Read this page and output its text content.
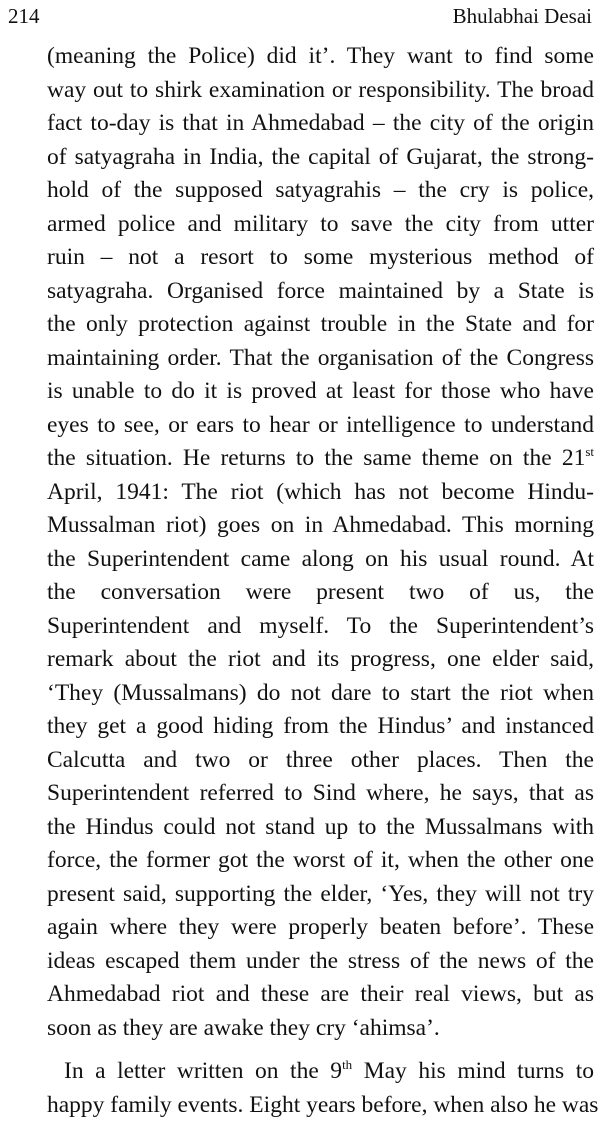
214	Bhulabhai Desai
(meaning the Police) did it’. They want to find some
way out to shirk examination or responsibility. The broad
fact to-day is that in Ahmedabad – the city of the origin
of satyagraha in India, the capital of Gujarat, the strong-
hold of the supposed satyagrahis – the cry is police,
armed police and military to save the city from utter
ruin – not a resort to some mysterious method of
satyagraha. Organised force maintained by a State is
the only protection against trouble in the State and for
maintaining order. That the organisation of the Congress
is unable to do it is proved at least for those who have
eyes to see, or ears to hear or intelligence to understand
the situation. He returns to the same theme on the 21st
April, 1941: The riot (which has not become Hindu-
Mussalman riot) goes on in Ahmedabad. This morning
the Superintendent came along on his usual round. At
the conversation were present two of us, the
Superintendent and myself. To the Superintendent’s
remark about the riot and its progress, one elder said,
‘They (Mussalmans) do not dare to start the riot when
they get a good hiding from the Hindus’ and instanced
Calcutta and two or three other places. Then the
Superintendent referred to Sind where, he says, that as
the Hindus could not stand up to the Mussalmans with
force, the former got the worst of it, when the other one
present said, supporting the elder, ‘Yes, they will not try
again where they were properly beaten before’. These
ideas escaped them under the stress of the news of the
Ahmedabad riot and these are their real views, but as
soon as they are awake they cry ‘ahimsa’.
In a letter written on the 9th May his mind turns to
happy family events. Eight years before, when also he was
